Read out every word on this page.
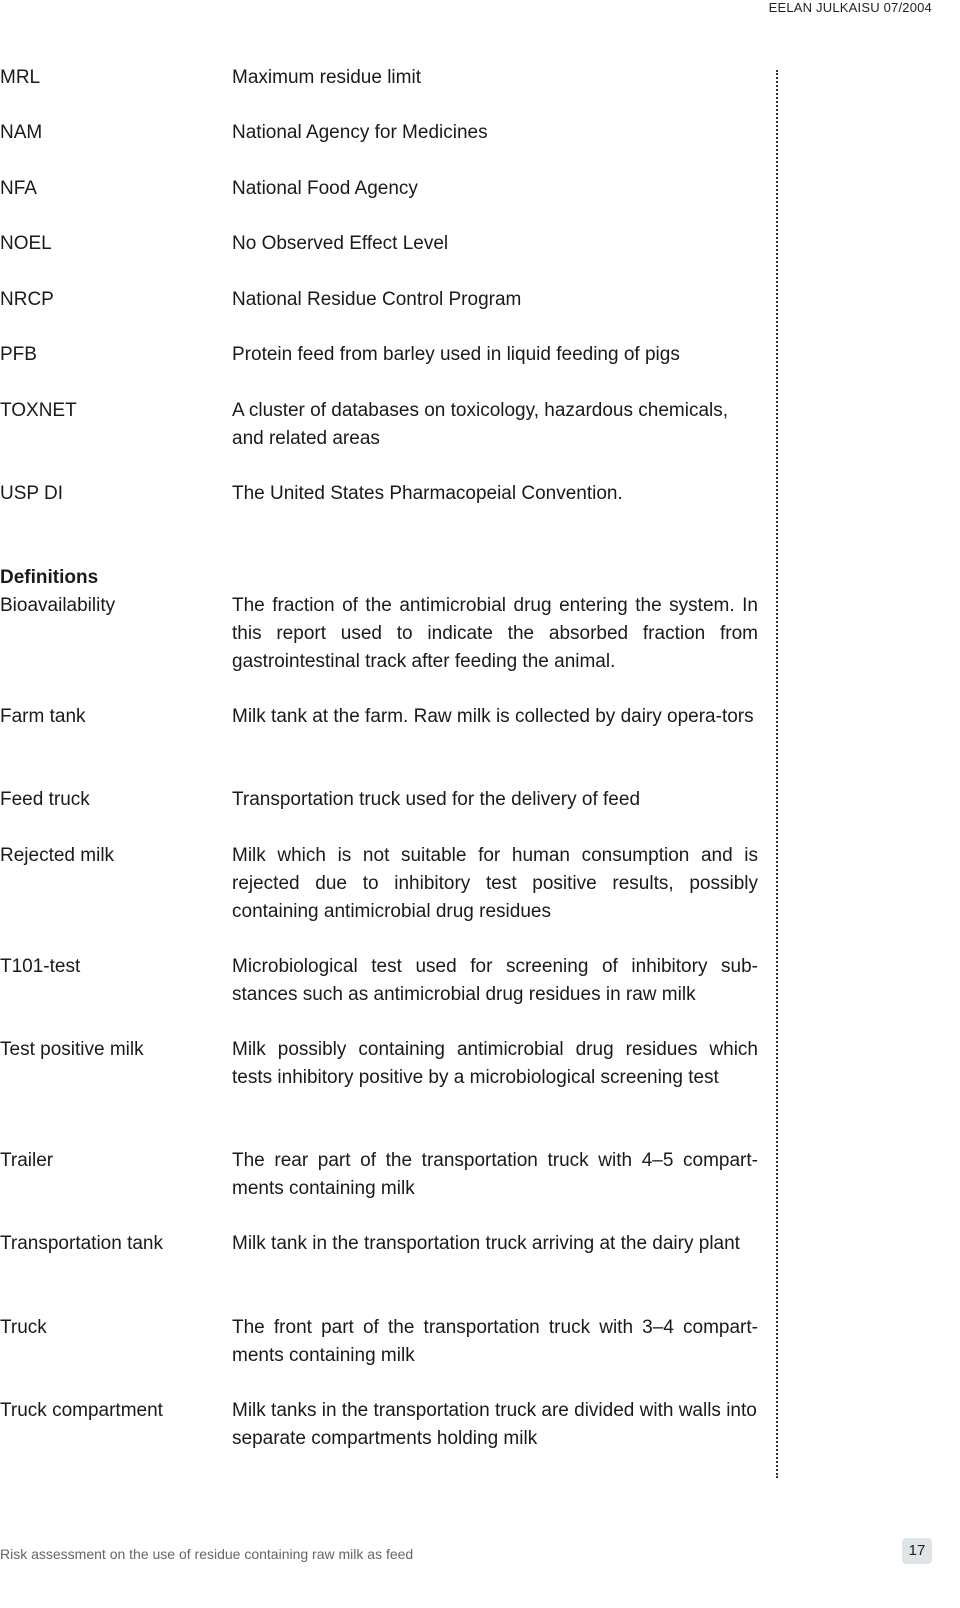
EELAN JULKAISU 07/2004
MRL	Maximum residue limit
NAM	National Agency for Medicines
NFA	National Food Agency
NOEL	No Observed Effect Level
NRCP	National Residue Control Program
PFB	Protein feed from barley used in liquid feeding of pigs
TOXNET	A cluster of databases on toxicology, hazardous chemicals, and related areas
USP DI	The United States Pharmacopeial Convention.
Definitions
Bioavailability	The fraction of the antimicrobial drug entering the system. In this report used to indicate the absorbed fraction from gastrointestinal track after feeding the animal.
Farm tank	Milk tank at the farm. Raw milk is collected by dairy opera-tors
Feed truck	Transportation truck used for the delivery of feed
Rejected milk	Milk which is not suitable for human consumption and is rejected due to inhibitory test positive results, possibly containing antimicrobial drug residues
T101-test	Microbiological test used for screening of inhibitory sub-stances such as antimicrobial drug residues in raw milk
Test positive milk	Milk possibly containing antimicrobial drug residues which tests inhibitory positive by a microbiological screening test
Trailer	The rear part of the transportation truck with 4–5 compart-ments containing milk
Transportation tank	Milk tank in the transportation truck arriving at the dairy plant
Truck	The front part of the transportation truck with 3–4 compart-ments containing milk
Truck compartment	Milk tanks in the transportation truck are divided with walls into separate compartments holding milk
Risk assessment on the use of residue containing raw milk as feed	17
